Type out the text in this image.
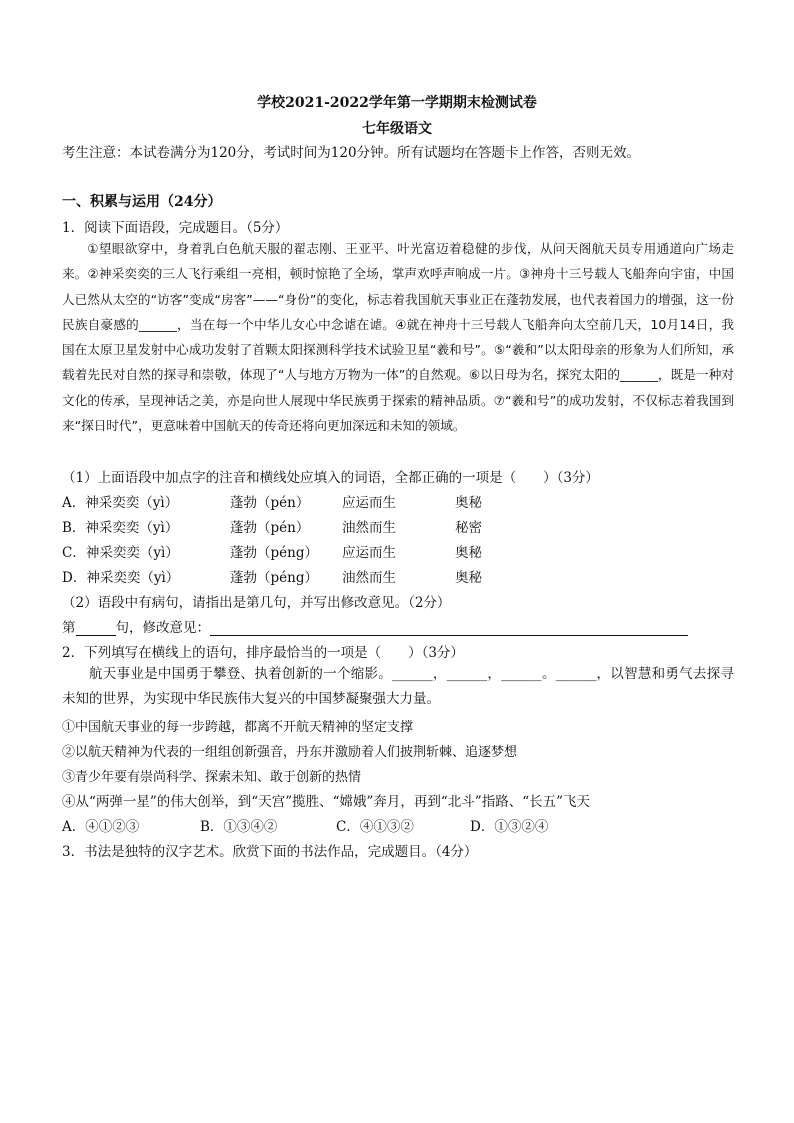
学校2021-2022学年第一学期期末检测试卷
七年级语文
考生注意：本试卷满分为120分，考试时间为120分钟。所有试题均在答题卡上作答，否则无效。
一、积累与运用（24分）
1．阅读下面语段，完成题目。（5分）
①望眼欲穿中，身着乳白色航天服的翟志刚、王亚平、叶光富迈着稳健的步伐，从问天阁航天员专用通道向广场走来。②神采奕奕的三人飞行乘组一亮相，顿时惊艳了全场，掌声欢呼声响成一片。③神舟十三号载人飞船奔向宇宙，中国人已然从太空的“访客”变成“房客”——“身份”的变化，标志着我国航天事业正在蓬勃发展，也代表着国力的增强，这一份民族自豪感的______，当在每一个中华儿女心中念谑在谑。④就在神舟十三号载人飞船奔向太空前几天，10月14日，我国在太原卫星发射中心成功发射了首颗太阳探测科学技术试验卫星“羲和号”。⑤“羲和”以太阳母亲的形象为人们所知，承载着先民对自然的探寻和崇敬，体现了“人与地方万物为一体”的自然观。⑥以日母为名，探究太阳的______，既是一种对文化的传承，呈现神话之美，亦是向世人展现中华民族勇于探索的精神品质。⑦“羲和号”的成功发射，不仅标志着我国到来“探日时代”，更意味着中国航天的传奇还将向更加深远和未知的领域。
（1）上面语段中加点字的注音和横线处应填入的词语，全都正确的一项是（　　）（3分）
A．神采奕奕（yì）	蓬勃（pén） 应运而生	奥秘
B．神采奕奕（yì）	蓬勃（pén） 油然而生	秘密
C．神采奕奕（yì）	蓬勃（péng） 应运而生	奥秘
D．神采奕奕（yì）	蓬勃（péng） 油然而生	奥秘
（2）语段中有病句，请指出是第几句，并写出修改意见。（2分）
第	句，修改意见：
2．下列填写在横线上的语句，排序最恰当的一项是（　　）（3分）
航天事业是中国勇于攀登、执着创新的一个缩影。______，______，______。______，以智慧和勇气去探寻未知的世界，为实现中华民族伟大复兴的中国梦凝聚强大力量。
①中国航天事业的每一步跨越，都离不开航天精神的坚定支撑
②以航天精神为代表的一组组创新强音，丹东并激励着人们披荆斩棘、追逐梦想
③青少年要有崇尚科学、探索未知、敢于创新的热情
④从“两弹一星”的伟大创举，到“天宫”揽胜、“嫦娥”奔月，再到“北斗”指路、“长五”飞天
A．④①②③	B．①③④②	C．④①③②	D．①③②④
3．书法是独特的汉字艺术。欣赏下面的书法作品，完成题目。（4分）
